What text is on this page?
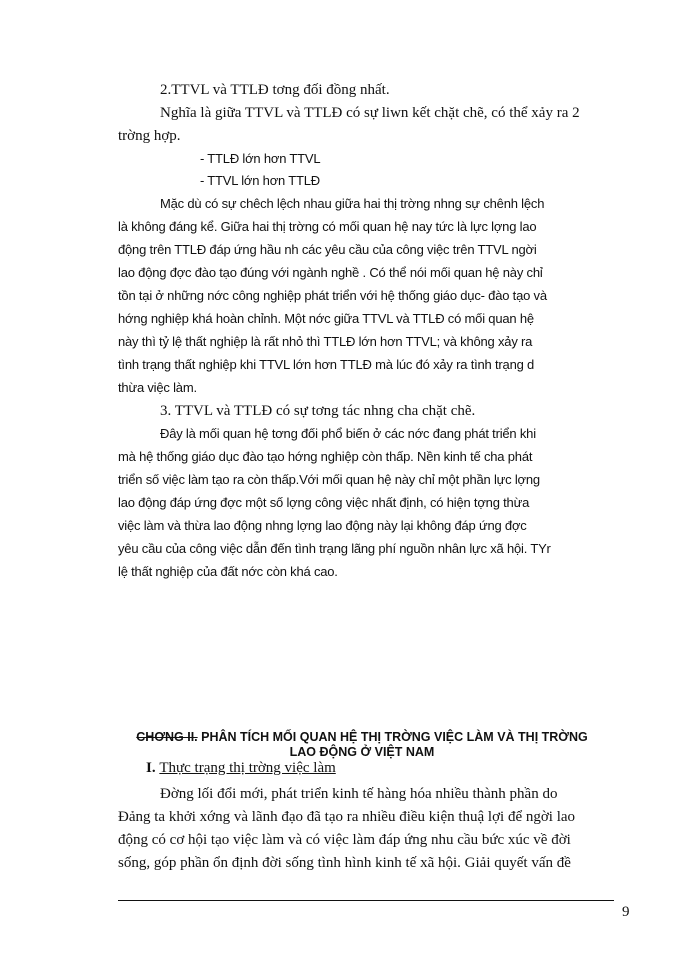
2.TTVL và TTLĐ tơng đối đồng nhất.
Nghĩa là giữa TTVL và TTLĐ có sự liwn kết chặt chẽ, có thể xảy ra 2
trờng hợp.
- TTLĐ lớn hơn TTVL
- TTVL lớn hơn TTLĐ
Mặc dù có sự chêch lệch nhau giữa hai thị trờng nhng sự chênh lệch
là không đáng kể. Giữa hai thị trờng có mối quan hệ nay tức là lực lợng lao
động trên TTLĐ đáp ứng hầu nh các yêu cầu của công việc trên TTVL ngời
lao động đợc đào tạo đúng với ngành nghề . Có thể nói mối quan hệ này chỉ
tồn tại ở những nớc công nghiệp phát triển với hệ thống giáo dục- đào tạo và
hớng nghiệp khá hoàn chỉnh. Một nớc giữa TTVL và TTLĐ có mối quan hệ
này thì tỷ lệ thất nghiệp là rất nhỏ thì TTLĐ lớn hơn TTVL; và không xảy ra
tình trạng thất nghiệp khi TTVL lớn hơn TTLĐ mà lúc đó xảy ra tình trạng d
thừa việc làm.
3. TTVL và TTLĐ có sự tơng tác nhng cha chặt chẽ.
Đây là mối quan hệ tơng đối phổ biến ở các nớc đang phát triển khi
mà hệ thống giáo dục đào tạo hớng nghiệp còn thấp. Nền kinh tế cha phát
triển số việc làm tạo ra còn thấp.Với mối quan hệ này chỉ một phần lực lợng
lao động đáp ứng đợc một số lợng công việc nhất định, có hiện tợng thừa
việc làm và thừa lao động nhng lợng lao động này lại không đáp ứng đợc
yêu cầu của công việc dẫn đến tình trạng lãng phí nguồn nhân lực xã hội. TYr
lệ thất nghiệp của đất nớc còn khá cao.
Đờng lối đổi mới, phát triển kinh tế hàng hóa nhiều thành phần do
Đảng ta khởi xớng và lãnh đạo đã tạo ra nhiều điều kiện thuậ lợi để ngời lao
động có cơ hội tạo việc làm và có việc làm đáp ứng nhu cầu bức xúc về đời
sống, góp phần ổn định đời sống tình hình kinh tế xã hội. Giải quyết vấn đề
CHƠNG II. PHÂN TÍCH MỐI QUAN HỆ THỊ TRỜNG VIỆC LÀM VÀ THỊ TRỜNG
LAO ĐỘNG Ở VIỆT NAM
I. Thực trạng thị trờng việc làm
9
